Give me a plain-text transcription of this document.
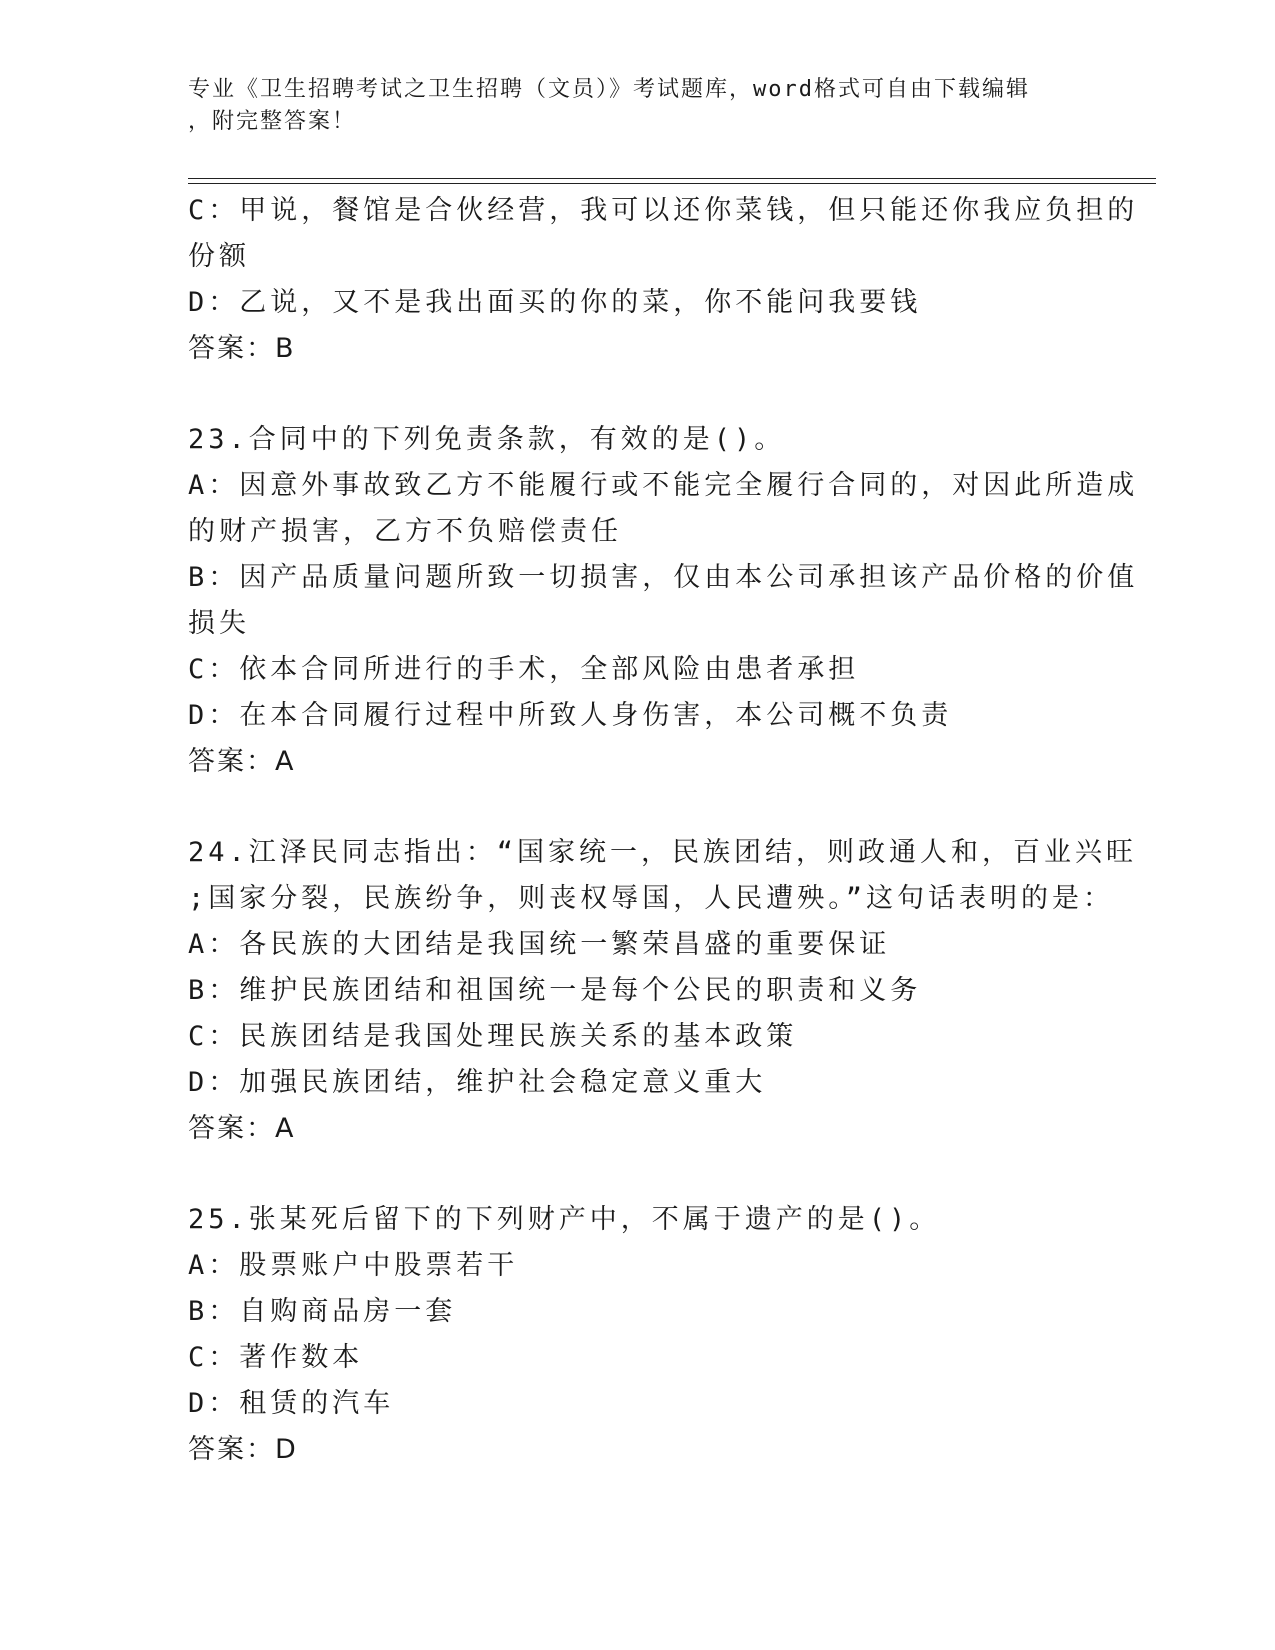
专业《卫生招聘考试之卫生招聘（文员）》考试题库，word格式可自由下载编辑
，附完整答案！
C：甲说，餐馆是合伙经营，我可以还你菜钱，但只能还你我应负担的
份额
D：乙说，又不是我出面买的你的菜，你不能问我要钱
答案：B
23.合同中的下列免责条款，有效的是()。
A：因意外事故致乙方不能履行或不能完全履行合同的，对因此所造成
的财产损害，乙方不负赔偿责任
B：因产品质量问题所致一切损害，仅由本公司承担该产品价格的价值
损失
C：依本合同所进行的手术，全部风险由患者承担
D：在本合同履行过程中所致人身伤害，本公司概不负责
答案：A
24.江泽民同志指出：“国家统一，民族团结，则政通人和，百业兴旺
;国家分裂，民族纷争，则丧权辱国，人民遭殃。”这句话表明的是：
A：各民族的大团结是我国统一繁荣昌盛的重要保证
B：维护民族团结和祖国统一是每个公民的职责和义务
C：民族团结是我国处理民族关系的基本政策
D：加强民族团结，维护社会稳定意义重大
答案：A
25.张某死后留下的下列财产中，不属于遗产的是()。
A：股票账户中股票若干
B：自购商品房一套
C：著作数本
D：租赁的汽车
答案：D
